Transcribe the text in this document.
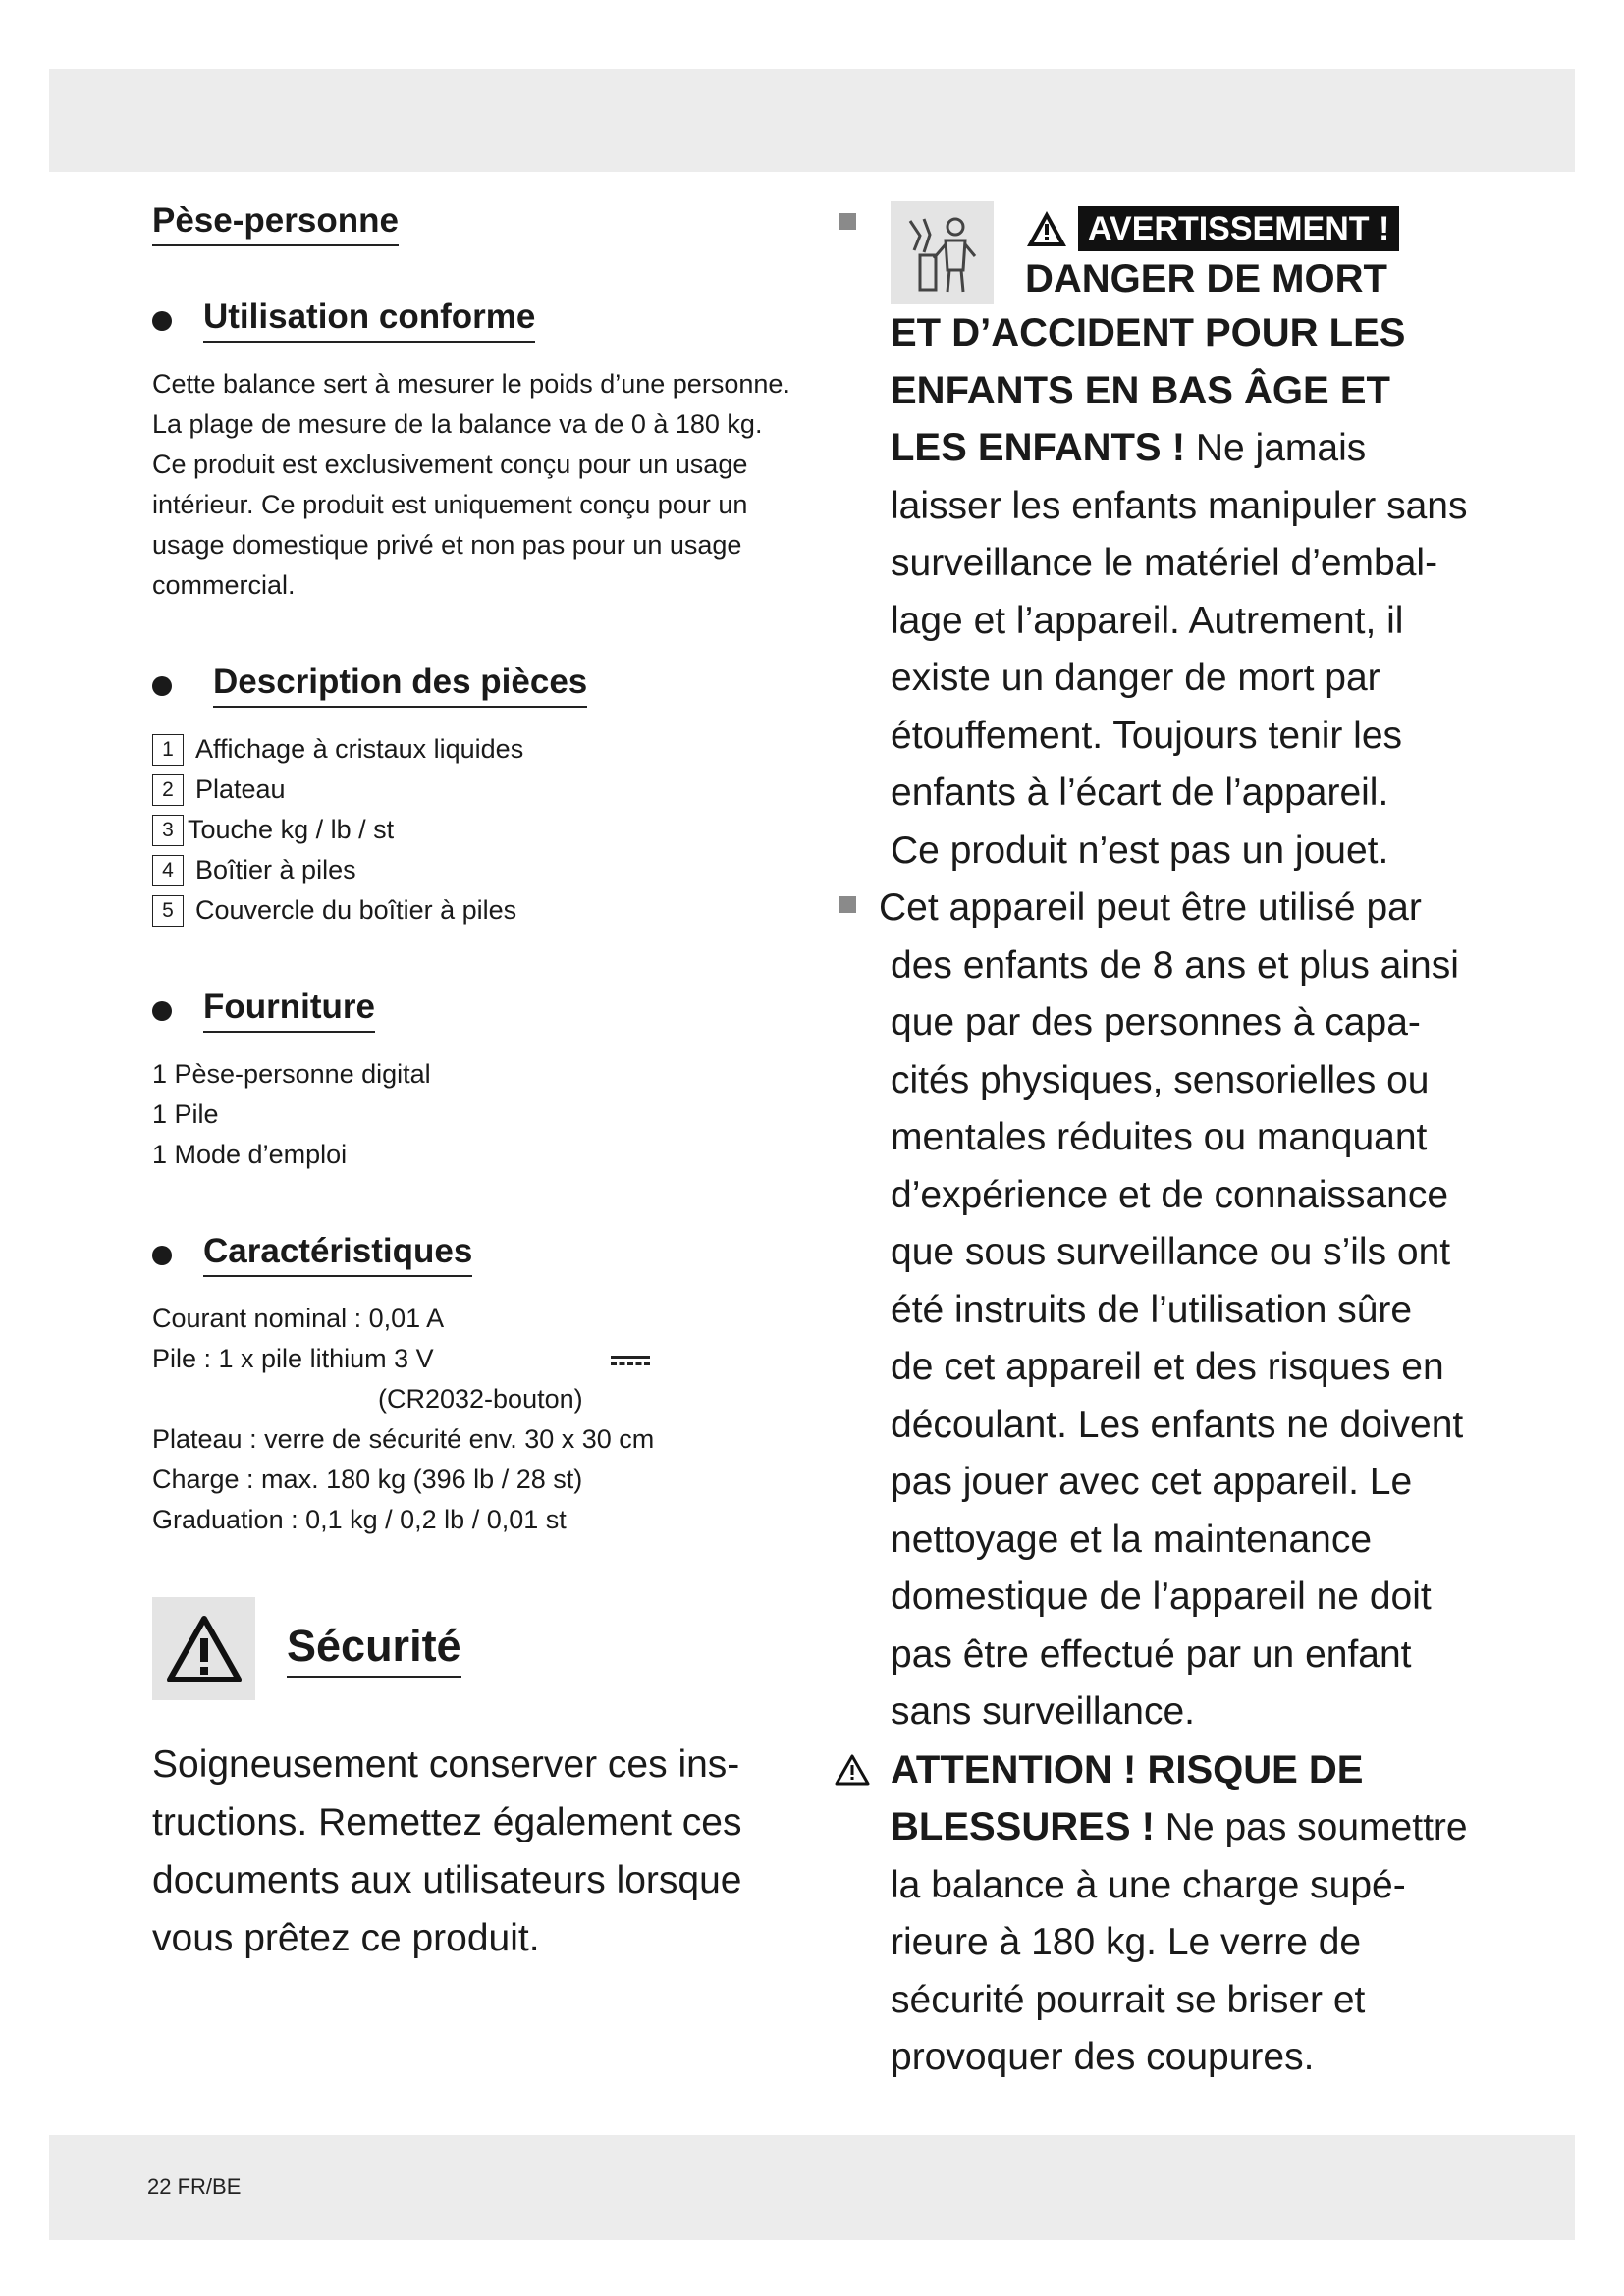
Pèse-personne
Utilisation conforme
Cette balance sert à mesurer le poids d’une personne.
La plage de mesure de la balance va de 0 à 180 kg.
Ce produit est exclusivement conçu pour un usage
intérieur. Ce produit est uniquement conçu pour un
usage domestique privé et non pas pour un usage
commercial.
Description des pièces
1 Affichage à cristaux liquides
2 Plateau
3 Touche kg / lb / st
4 Boîtier à piles
5 Couvercle du boîtier à piles
Fourniture
1 Pèse-personne digital
1 Pile
1 Mode d’emploi
Caractéristiques
Courant nominal : 0,01 A
Pile : 1 x pile lithium 3 V
(CR2032-bouton)
Plateau : verre de sécurité env. 30 x 30 cm
Charge : max. 180 kg (396 lb / 28 st)
Graduation : 0,1 kg / 0,2 lb / 0,01 st
Sécurité
Soigneusement conserver ces ins-
tructions. Remettez également ces
documents aux utilisateurs lorsque
vous prêtez ce produit.
AVERTISSEMENT !
DANGER DE MORT
ET D’ACCIDENT POUR LES
ENFANTS EN BAS ÂGE ET
LES ENFANTS ! Ne jamais
laisser les enfants manipuler sans
surveillance le matériel d’embal-
lage et l’appareil. Autrement, il
existe un danger de mort par
étouffement. Toujours tenir les
enfants à l’écart de l’appareil.
Ce produit n’est pas un jouet.
Cet appareil peut être utilisé par
des enfants de 8 ans et plus ainsi
que par des personnes à capa-
cités physiques, sensorielles ou
mentales réduites ou manquant
d’expérience et de connaissance
que sous surveillance ou s’ils ont
été instruits de l’utilisation sûre
de cet appareil et des risques en
découlant. Les enfants ne doivent
pas jouer avec cet appareil. Le
nettoyage et la maintenance
domestique de l’appareil ne doit
pas être effectué par un enfant
sans surveillance.
ATTENTION ! RISQUE DE
BLESSURES ! Ne pas soumettre
la balance à une charge supé-
rieure à 180 kg. Le verre de
sécurité pourrait se briser et
provoquer des coupures.
22 FR/BE
